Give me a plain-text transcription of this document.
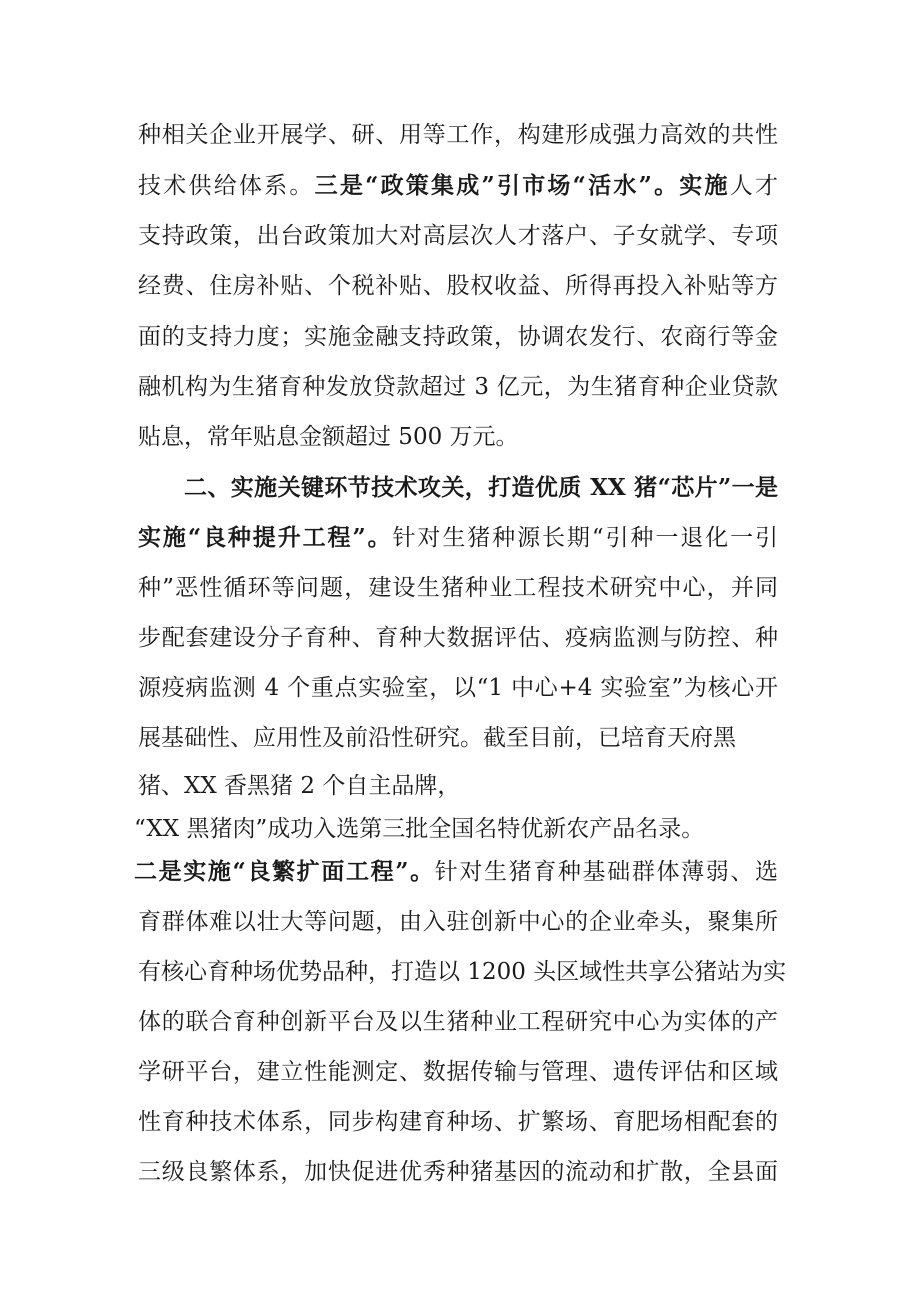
种相关企业开展学、研、用等工作，构建形成强力高效的共性
技术供给体系。三是“政策集成”引市场“活水”。实施人才
支持政策，出台政策加大对高层次人才落户、子女就学、专项
经费、住房补贴、个税补贴、股权收益、所得再投入补贴等方
面的支持力度；实施金融支持政策，协调农发行、农商行等金
融机构为生猪育种发放贷款超过 3 亿元，为生猪育种企业贷款
贴息，常年贴息金额超过 500 万元。
二、实施关键环节技术攻关，打造优质 XX 猪“芯片”一是
实施“良种提升工程”。针对生猪种源长期“引种一退化一引
种”恶性循环等问题，建设生猪种业工程技术研究中心，并同
步配套建设分子育种、育种大数据评估、疫病监测与防控、种
源疫病监测 4 个重点实验室，以“1 中心+4 实验室”为核心开
展基础性、应用性及前沿性研究。截至目前，已培育天府黑
猪、XX 香黑猪 2 个自主品牌，
“XX 黑猪肉”成功入选第三批全国名特优新农产品名录。
二是实施“良繁扩面工程”。针对生猪育种基础群体薄弱、选
育群体难以壮大等问题，由入驻创新中心的企业牵头，聚集所
有核心育种场优势品种，打造以 1200 头区域性共享公猪站为实
体的联合育种创新平台及以生猪种业工程研究中心为实体的产
学研平台，建立性能测定、数据传输与管理、遗传评估和区域
性育种技术体系，同步构建育种场、扩繁场、育肥场相配套的
三级良繁体系，加快促进优秀种猪基因的流动和扩散，全县面
